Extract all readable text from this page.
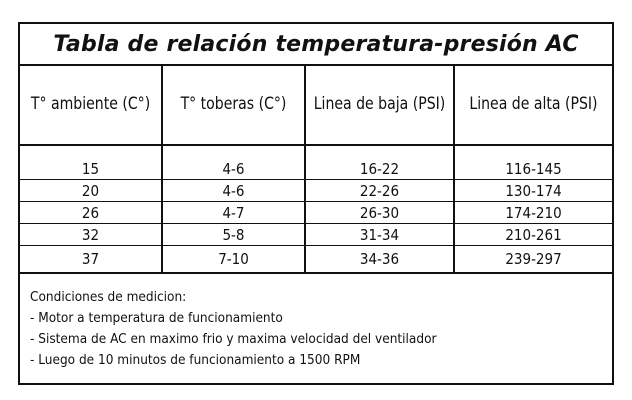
Tabla de relación temperatura-presión AC
T° ambiente (C°)	T° toberas (C°)	Linea de baja (PSI)	Linea de alta (PSI)
15	4-6	16-22	116-145
20	4-6	22-26	130-174
26	4-7	26-30	174-210
32	5-8	31-34	210-261
37	7-10	34-36	239-297
Condiciones de medicion:
- Motor a temperatura de funcionamiento
- Sistema de AC en maximo frio y maxima velocidad del ventilador
- Luego de 10 minutos de funcionamiento a 1500 RPM
